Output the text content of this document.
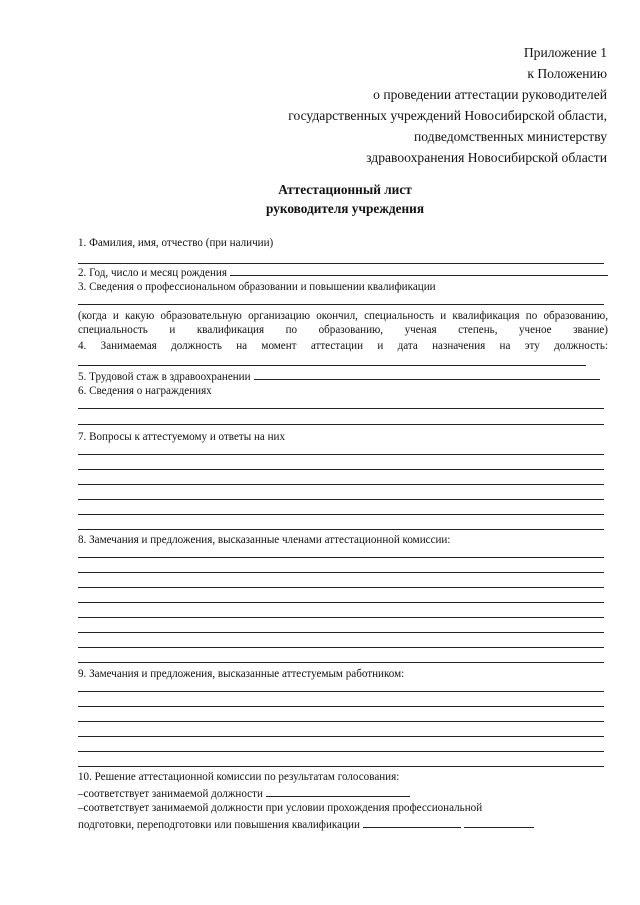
Приложение 1
к Положению
о проведении аттестации руководителей
государственных учреждений Новосибирской области,
подведомственных министерству
здравоохранения Новосибирской области
Аттестационный лист
руководителя учреждения
1. Фамилия, имя, отчество (при наличии)
2. Год, число и месяц рождения
3. Сведения о профессиональном образовании и повышении квалификации
(когда и какую образовательную организацию окончил, специальность и квалификация по образованию, специальность и квалификация по образованию, ученая степень, ученое звание)
4. Занимаемая должность на момент аттестации и дата назначения на эту должность:
5. Трудовой стаж в здравоохранении
6. Сведения о награждениях
7. Вопросы к аттестуемому и ответы на них
8. Замечания и предложения, высказанные членами аттестационной комиссии:
9. Замечания и предложения, высказанные аттестуемым работником:
10. Решение аттестационной комиссии по результатам голосования:
–соответствует занимаемой должности
–соответствует занимаемой должности при условии прохождения профессиональной
подготовки, переподготовки или повышения квалификации
